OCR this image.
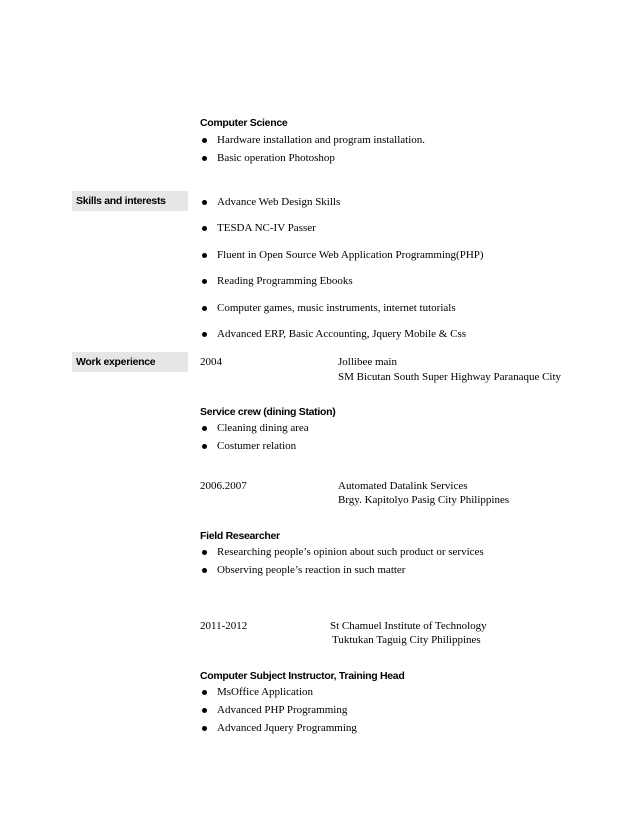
Computer Science
Hardware installation and program installation.
Basic operation Photoshop
Skills and interests	Advance Web Design Skills
TESDA NC-IV Passer
Fluent in Open Source Web Application Programming(PHP)
Reading Programming Ebooks
Computer games, music instruments, internet tutorials
Advanced ERP, Basic Accounting, Jquery Mobile & Css
Work experience	2004	Jollibee main
SM Bicutan South Super Highway Paranaque City
Service crew (dining Station)
Cleaning dining area
Costumer relation
2006.2007	Automated Datalink Services
Brgy. Kapitolyo Pasig City Philippines
Field Researcher
Researching people’s opinion about such product or services
Observing people’s reaction in such matter
2011-2012	St Chamuel Institute of Technology
Tuktukan Taguig City Philippines
Computer Subject Instructor, Training Head
MsOffice Application
Advanced PHP Programming
Advanced Jquery Programming
